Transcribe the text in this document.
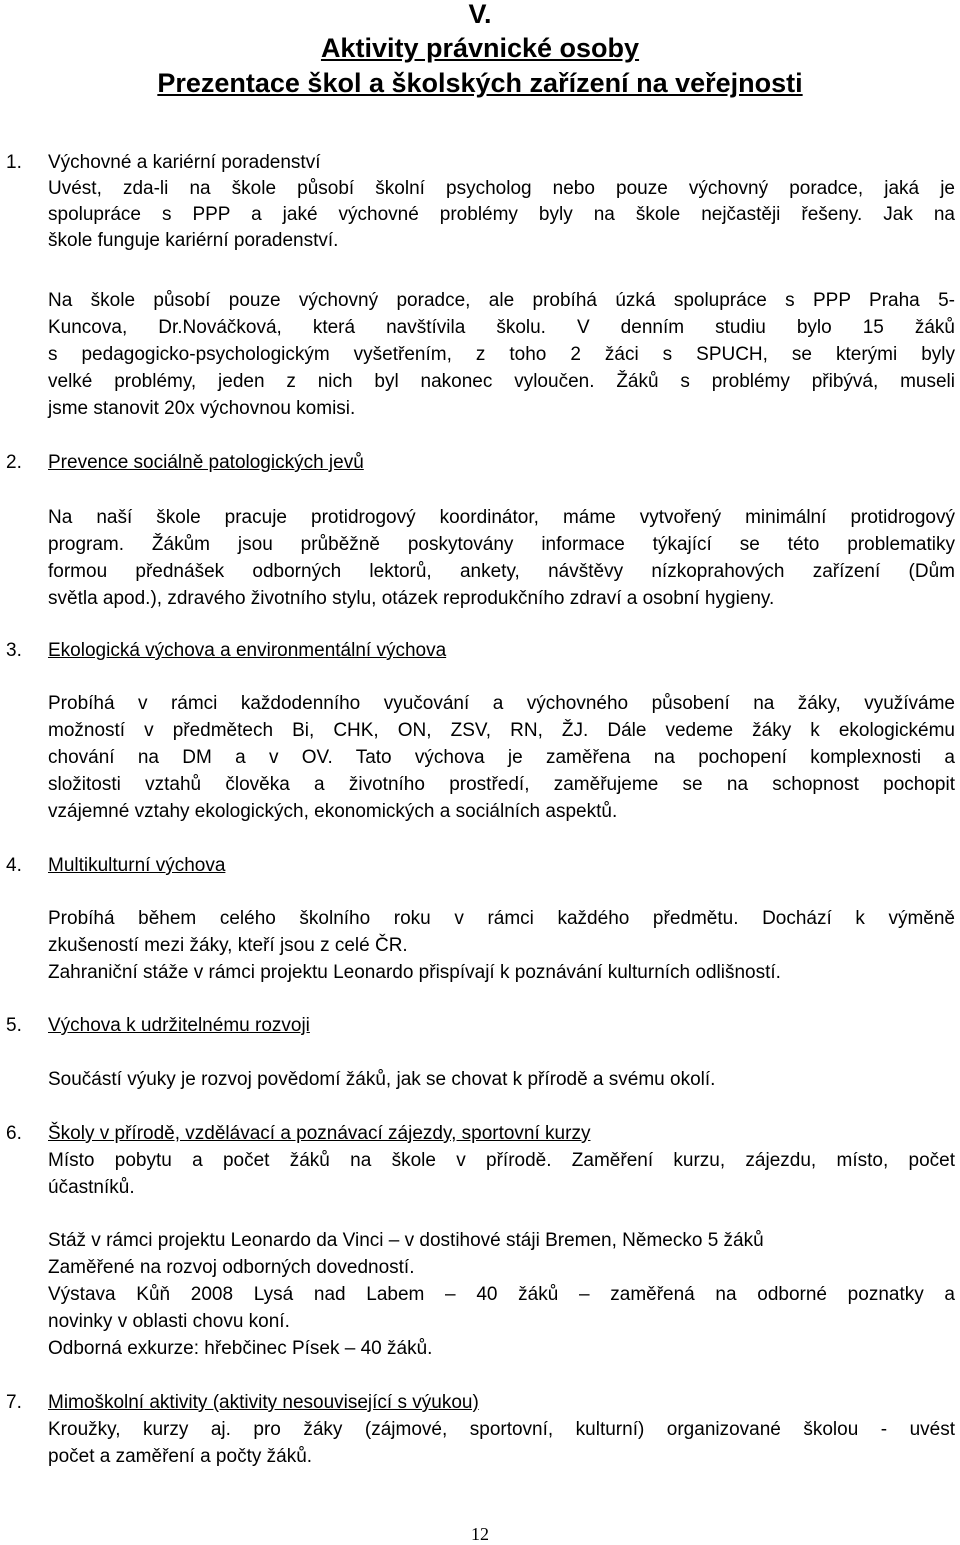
V.
Aktivity právnické osoby
Prezentace škol a školských zařízení na veřejnosti
1. Výchovné a kariérní poradenství
Uvést, zda-li na škole působí školní psycholog nebo pouze výchovný poradce, jaká je
spolupráce s PPP a jaké výchovné problémy byly na škole nejčastěji řešeny. Jak na
škole funguje kariérní poradenství.
Na škole působí pouze výchovný poradce, ale probíhá úzká spolupráce s PPP Praha 5-
Kuncova, Dr.Nováčková, která navštívila školu. V denním studiu bylo 15 žáků
s pedagogicko-psychologickým vyšetřením, z toho 2 žáci s SPUCH, se kterými byly
velké problémy, jeden z nich byl nakonec vyloučen. Žáků s problémy přibývá, museli
jsme stanovit 20x výchovnou komisi.
2. Prevence sociálně patologických jevů
Na naší škole pracuje protidrogový koordinátor, máme vytvořený minimální protidrogový
program. Žákům jsou průběžně poskytovány informace týkající se této problematiky
formou přednášek odborných lektorů, ankety, návštěvy nízkoprahových zařízení (Dům
světla apod.), zdravého životního stylu, otázek reprodukčního zdraví a osobní hygieny.
3. Ekologická výchova a environmentální výchova
Probíhá v rámci každodenního vyučování a výchovného působení na žáky, využíváme
možností v předmětech Bi, CHK, ON, ZSV, RN, ŽJ. Dále vedeme žáky k ekologickému
chování na DM a v OV. Tato výchova je zaměřena na pochopení komplexnosti a
složitosti vztahů člověka a životního prostředí, zaměřujeme se na schopnost pochopit
vzájemné vztahy ekologických, ekonomických a sociálních aspektů.
4. Multikulturní výchova
Probíhá během celého školního roku v rámci každého předmětu. Dochází k výměně
zkušeností mezi žáky, kteří jsou z celé ČR.
Zahraniční stáže v rámci projektu Leonardo přispívají k poznávání kulturních odlišností.
5. Výchova k udržitelnému rozvoji
Součástí výuky je rozvoj povědomí žáků, jak se chovat k přírodě a svému okolí.
6. Školy v přírodě, vzdělávací a poznávací zájezdy, sportovní kurzy
Místo pobytu a počet žáků na škole v přírodě. Zaměření kurzu, zájezdu, místo, počet
účastníků.
Stáž v rámci projektu Leonardo da Vinci – v dostihové stáji Bremen, Německo 5 žáků
Zaměřené na rozvoj odborných dovedností.
Výstava Kůň 2008 Lysá nad Labem – 40 žáků – zaměřená na odborné poznatky a
novinky v oblasti chovu koní.
Odborná exkurze: hřebčinec Písek – 40 žáků.
7. Mimoškolní aktivity (aktivity nesouvisející s výukou)
Kroužky, kurzy aj. pro žáky (zájmové, sportovní, kulturní) organizované školou - uvést
počet a zaměření a počty žáků.
12
